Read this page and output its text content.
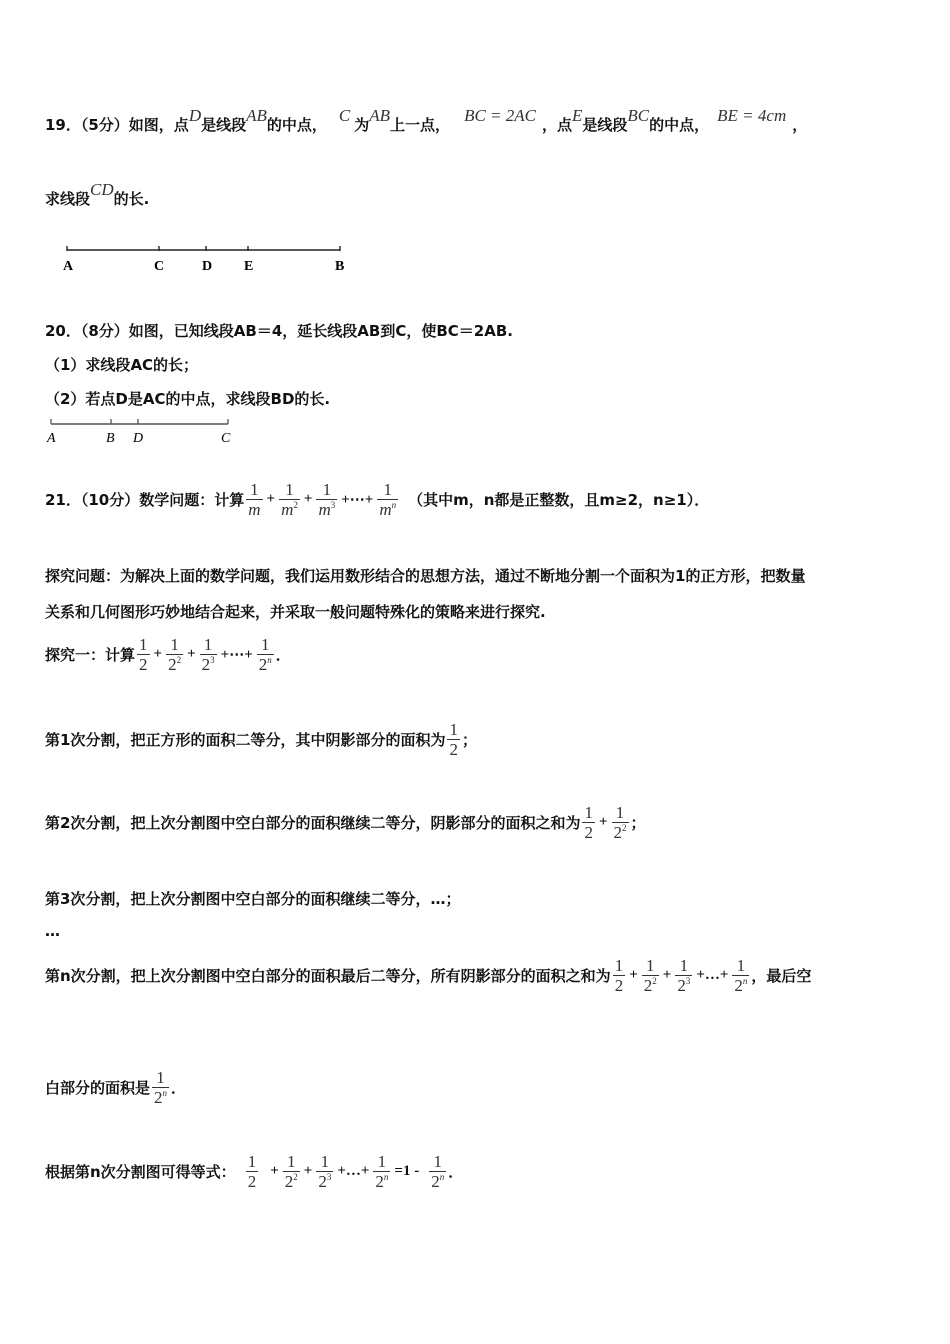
19．（5分）如图，点 D 是线段 AB 的中点， C 为 AB 上一点， BC = 2AC ，点 E 是线段 BC 的中点， BE = 4cm ，
求线段 CD 的长.
A	C	D E	B
20．（8分）如图，已知线段AB＝4，延长线段AB到C，使BC＝2AB.
（1）求线段AC的长；
（2）若点D是AC的中点，求线段BD的长.
A	B D	C
21．（10分）数学问题：计算 $\frac{1}{m} + \frac{1}{m^2} + \frac{1}{m^3}$ +⋯+ $\frac{1}{m^n}$ （其中m，n都是正整数，且m≥2，n≥1）．
探究问题：为解决上面的数学问题，我们运用数形结合的思想方法，通过不断地分割一个面积为1的正方形，把数量
关系和几何图形巧妙地结合起来，并采取一般问题特殊化的策略来进行探究.
探究一：计算 $\frac{1}{2} + \frac{1}{2^2} + \frac{1}{2^3}$ +⋯+ $\frac{1}{2^n}$ ．
第1次分割，把正方形的面积二等分，其中阴影部分的面积为 $\frac{1}{2}$ ；
第2次分割，把上次分割图中空白部分的面积继续二等分，阴影部分的面积之和为 $\frac{1}{2} + \frac{1}{2^2}$ ；
第3次分割，把上次分割图中空白部分的面积继续二等分，…；
…
第n次分割，把上次分割图中空白部分的面积最后二等分，所有阴影部分的面积之和为 $\frac{1}{2} + \frac{1}{2^2} + \frac{1}{2^3}$ +…+ $\frac{1}{2^n}$ ，最后空
白部分的面积是 $\frac{1}{2^n}$ ．
根据第n次分割图可得等式： $\frac{1}{2} + \frac{1}{2^2} + \frac{1}{2^3}$ +…+ $\frac{1}{2^n} =1 - \frac{1}{2^n}$ ．
